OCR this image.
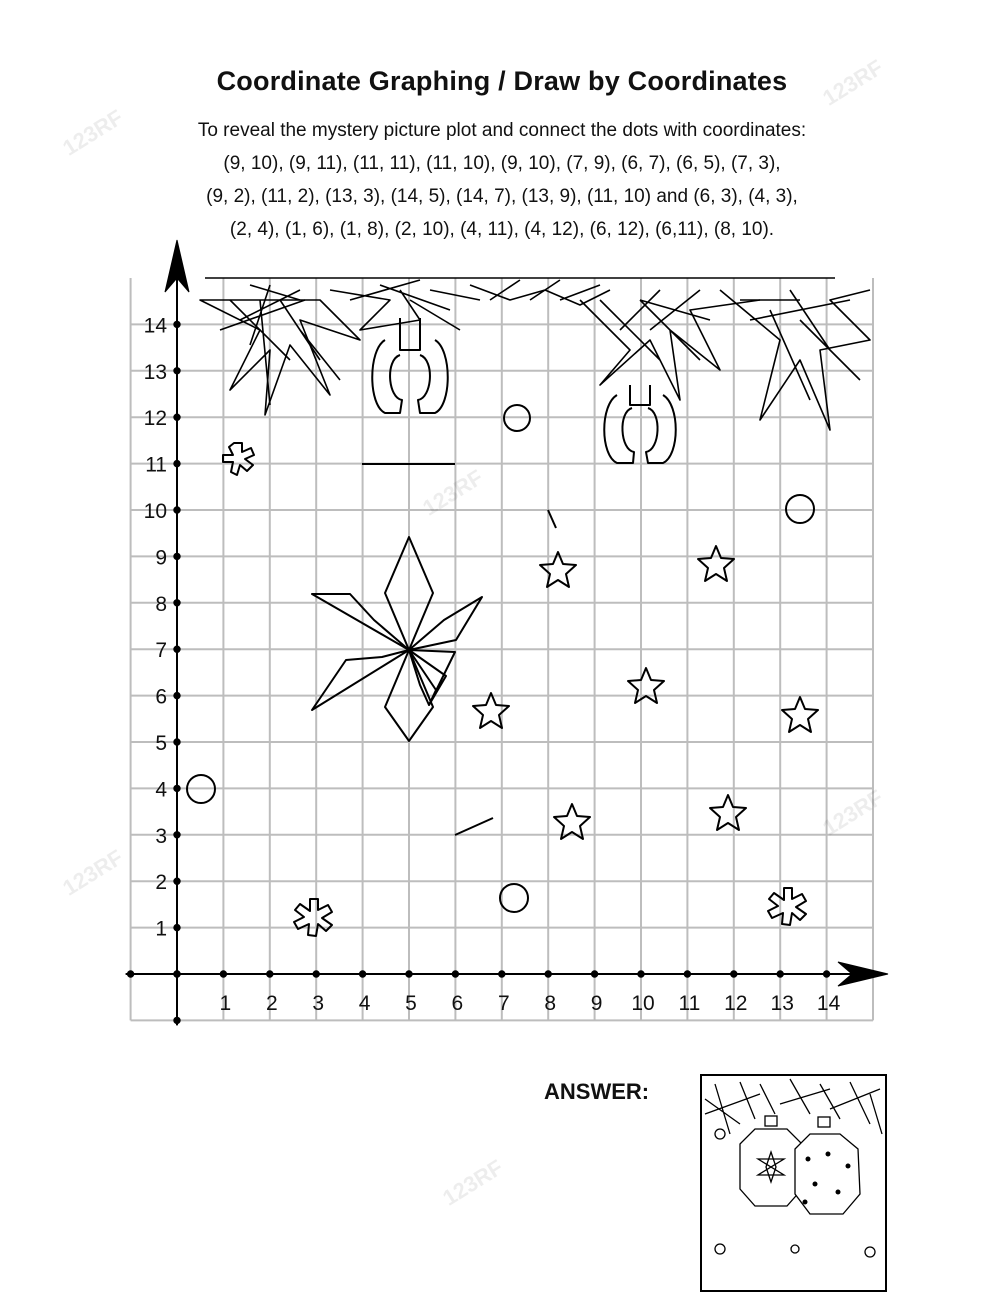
Coordinate Graphing / Draw by Coordinates
To reveal the mystery picture plot and connect the dots with coordinates:
(9, 10), (9, 11), (11, 11), (11, 10), (9, 10), (7, 9), (6, 7), (6, 5), (7, 3),
(9, 2), (11, 2), (13, 3), (14, 5), (14, 7), (13, 9), (11, 10) and (6, 3), (4, 3),
(2, 4), (1, 6), (1, 8), (2, 10), (4, 11), (4, 12), (6, 12), (6,11), (8, 10).
1 2 3 4 5 6 7 8 9 10 11 12 13 14
1
2
3
4
5
6
7
8
9
10
11
12
13
14
ANSWER:
123RF
123RF
123RF
123RF
123RF
123RF
